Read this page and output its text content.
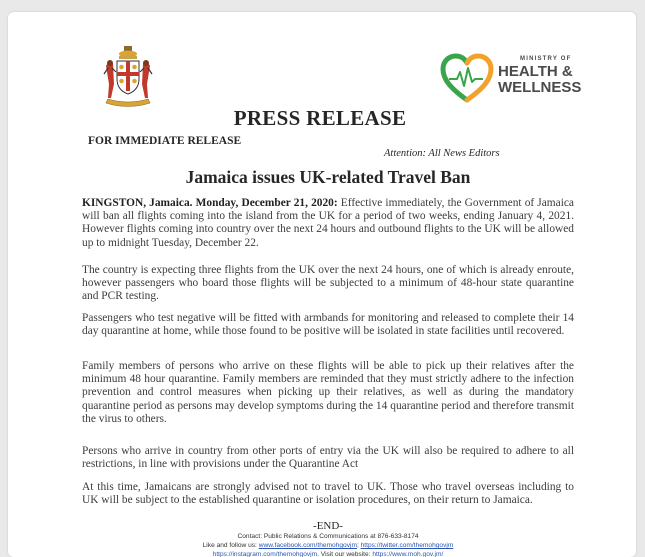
MINISTRY OF
HEALTH &
WELLNESS
PRESS RELEASE
FOR IMMEDIATE RELEASE
Attention: All News Editors
Jamaica issues UK-related Travel Ban
KINGSTON, Jamaica. Monday, December 21, 2020: Effective immediately, the Government of Jamaica will ban all flights coming into the island from the UK for a period of two weeks, ending January 4, 2021. However flights coming into country over the next 24 hours and outbound flights to the UK will be allowed up to midnight Tuesday, December 22.
The country is expecting three flights from the UK over the next 24 hours, one of which is already enroute, however passengers who board those flights will be subjected to a minimum of 48-hour state quarantine and PCR testing.
Passengers who test negative will be fitted with armbands for monitoring and released to complete their 14 day quarantine at home, while those found to be positive will be isolated in state facilities until recovered.
Family members of persons who arrive on these flights will be able to pick up their relatives after the minimum 48 hour quarantine. Family members are reminded that they must strictly adhere to the infection prevention and control measures when picking up their relatives, as well as during the mandatory quarantine period as persons may develop symptoms during the 14 quarantine period and therefore transmit the virus to others.
Persons who arrive in country from other ports of entry via the UK will also be required to adhere to all restrictions, in line with provisions under the Quarantine Act
At this time, Jamaicans are strongly advised not to travel to UK. Those who travel overseas including to UK will be subject to the established quarantine or isolation procedures, on their return to Jamaica.
-END-
Contact: Public Relations & Communications at 876-633-8174
Like and follow us: www.facebook.com/themohgovjm; https://twitter.com/themohgovjm
https://instagram.com/themohgovjm. Visit our website: https://www.moh.gov.jm/
